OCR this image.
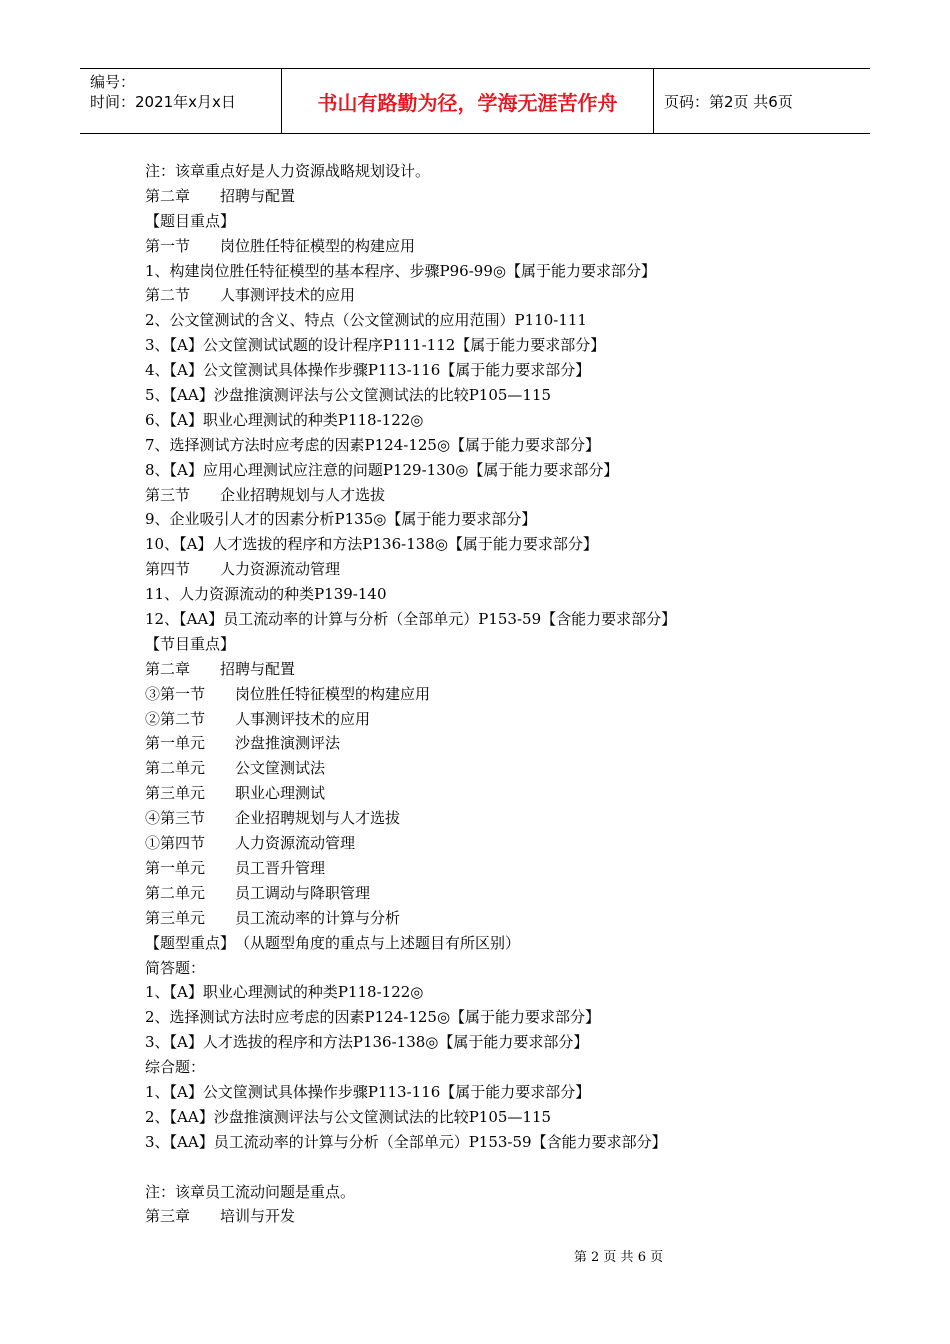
编号：
时间：2021年x月x日	书山有路勤为径，学海无涯苦作舟	页码：第2页 共6页
注：该章重点好是人力资源战略规划设计。
第二章　　招聘与配置
【题目重点】
第一节　　岗位胜任特征模型的构建应用
1、构建岗位胜任特征模型的基本程序、步骤P96-99◎【属于能力要求部分】
第二节　　人事测评技术的应用
2、公文筐测试的含义、特点（公文筐测试的应用范围）P110-111
3、【A】公文筐测试试题的设计程序P111-112【属于能力要求部分】
4、【A】公文筐测试具体操作步骤P113-116【属于能力要求部分】
5、【AA】沙盘推演测评法与公文筐测试法的比较P105—115
6、【A】职业心理测试的种类P118-122◎
7、选择测试方法时应考虑的因素P124-125◎【属于能力要求部分】
8、【A】应用心理测试应注意的问题P129-130◎【属于能力要求部分】
第三节　　企业招聘规划与人才选拔
9、企业吸引人才的因素分析P135◎【属于能力要求部分】
10、【A】人才选拔的程序和方法P136-138◎【属于能力要求部分】
第四节　　人力资源流动管理
11、人力资源流动的种类P139-140
12、【AA】员工流动率的计算与分析（全部单元）P153-59【含能力要求部分】
【节目重点】
第二章　　招聘与配置
③第一节　　岗位胜任特征模型的构建应用
②第二节　　人事测评技术的应用
第一单元　　沙盘推演测评法
第二单元　　公文筐测试法
第三单元　　职业心理测试
④第三节　　企业招聘规划与人才选拔
①第四节　　人力资源流动管理
第一单元　　员工晋升管理
第二单元　　员工调动与降职管理
第三单元　　员工流动率的计算与分析
【题型重点】　（从题型角度的重点与上述题目有所区别）
简答题：
1、【A】职业心理测试的种类P118-122◎
2、选择测试方法时应考虑的因素P124-125◎【属于能力要求部分】
3、【A】人才选拔的程序和方法P136-138◎【属于能力要求部分】
综合题：
1、【A】公文筐测试具体操作步骤P113-116【属于能力要求部分】
2、【AA】沙盘推演测评法与公文筐测试法的比较P105—115
3、【AA】员工流动率的计算与分析（全部单元）P153-59【含能力要求部分】
注：该章员工流动问题是重点。
第三章　　培训与开发
第 2 页 共 6 页
